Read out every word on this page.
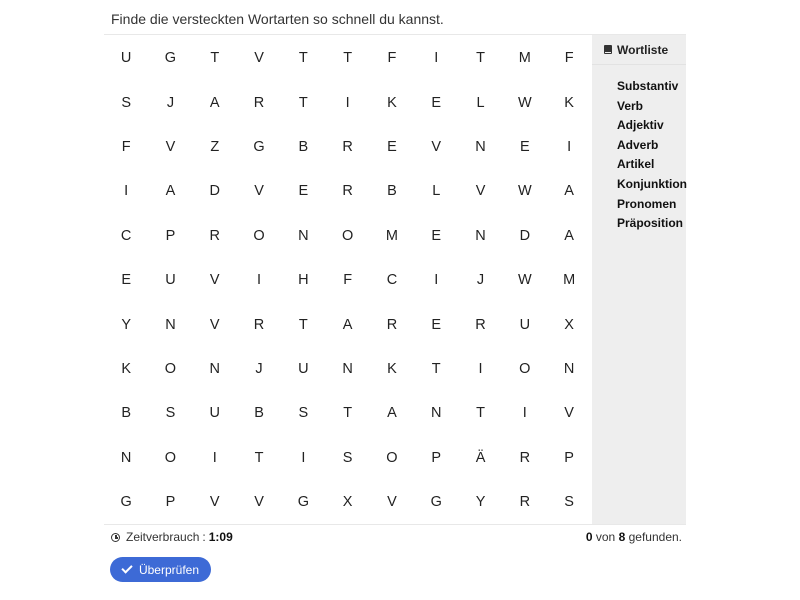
Finde die versteckten Wortarten so schnell du kannst.
U	G	T	V	T	T	F	I	T	M	F
S	J	A	R	T	I	K	E	L	W	K
F	V	Z	G	B	R	E	V	N	E	I
I	A	D	V	E	R	B	L	V	W	A
C	P	R	O	N	O	M	E	N	D	A
E	U	V	I	H	F	C	I	J	W	M
Y	N	V	R	T	A	R	E	R	U	X
K	O	N	J	U	N	K	T	I	O	N
B	S	U	B	S	T	A	N	T	I	V
N	O	I	T	I	S	O	P	Ä	R	P
G	P	V	V	G	X	V	G	Y	R	S
Wortliste
Substantiv
Verb
Adjektiv
Adverb
Artikel
Konjunktion
Pronomen
Präposition
Zeitverbrauch : 1:09	0 von 8 gefunden.
Überprüfen
